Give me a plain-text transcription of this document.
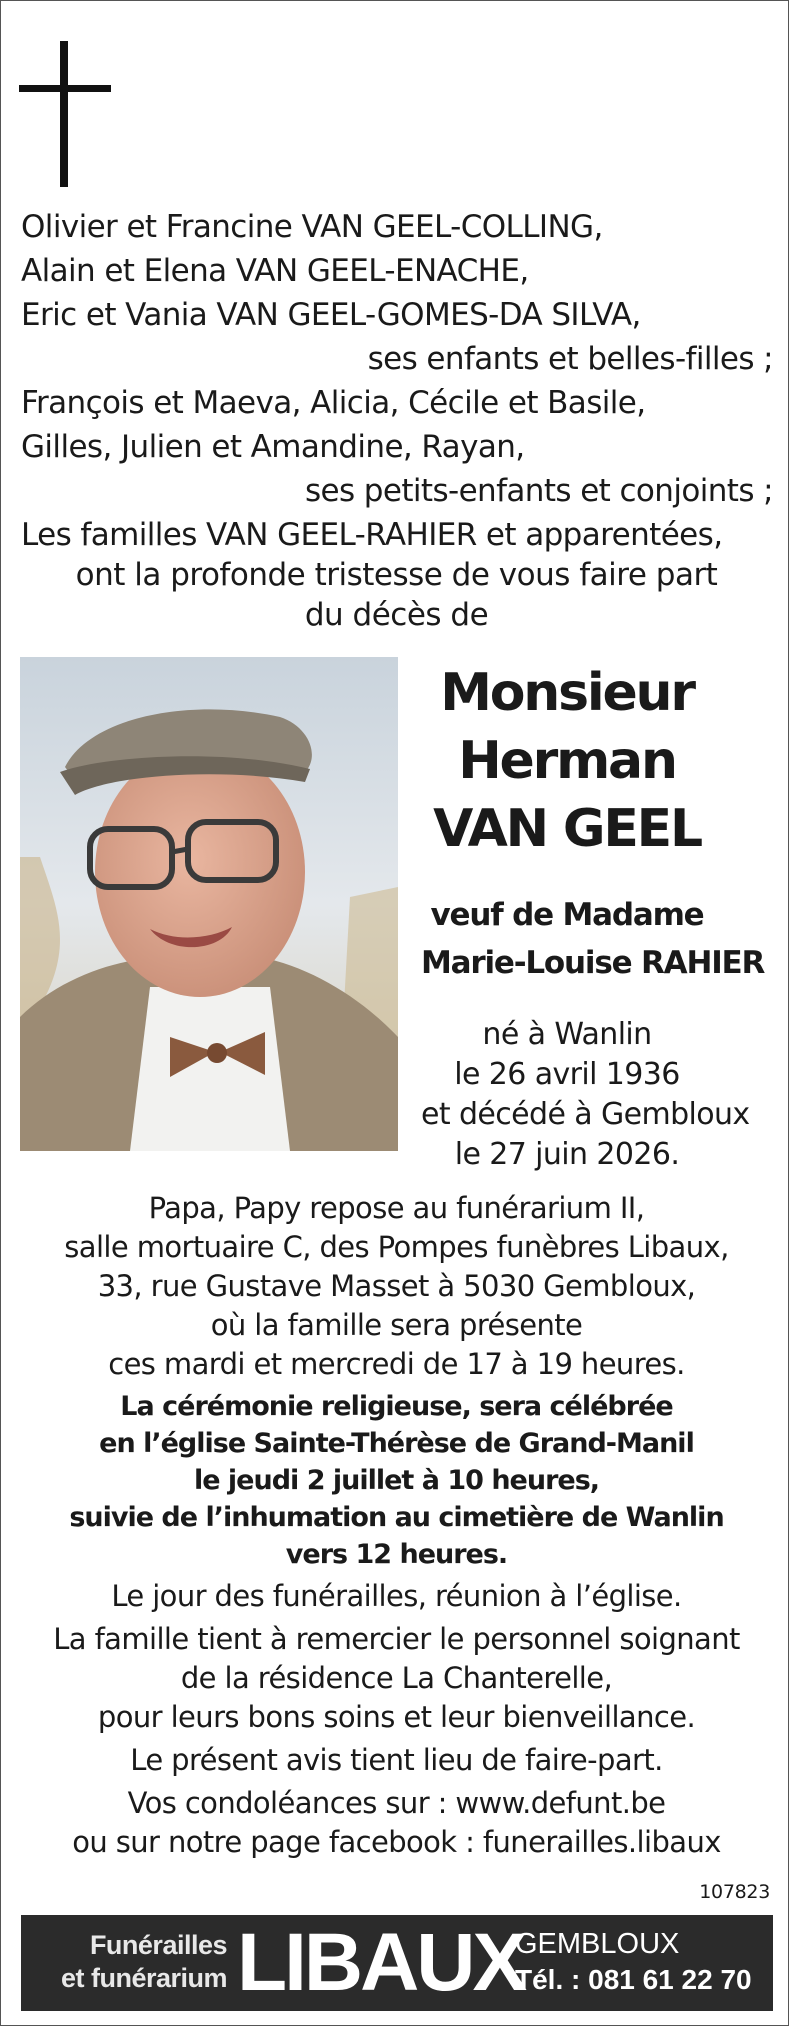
Olivier et Francine VAN GEEL-COLLING,
Alain et Elena VAN GEEL-ENACHE,
Eric et Vania VAN GEEL-GOMES-DA SILVA,
ses enfants et belles-filles ;
François et Maeva, Alicia, Cécile et Basile,
Gilles, Julien et Amandine, Rayan,
ses petits-enfants et conjoints ;
Les familles VAN GEEL-RAHIER et apparentées,
ont la profonde tristesse de vous faire part
du décès de
Monsieur
Herman
VAN GEEL
veuf de Madame
Marie-Louise RAHIER
né à Wanlin
le 26 avril 1936
et décédé à Gembloux
le 27 juin 2026.
Papa, Papy repose au funérarium II,
salle mortuaire C, des Pompes funèbres Libaux,
33, rue Gustave Masset à 5030 Gembloux,
où la famille sera présente
ces mardi et mercredi de 17 à 19 heures.
La cérémonie religieuse, sera célébrée
en l’église Sainte-Thérèse de Grand-Manil
le jeudi 2 juillet à 10 heures,
suivie de l’inhumation au cimetière de Wanlin
vers 12 heures.
Le jour des funérailles, réunion à l’église.
La famille tient à remercier le personnel soignant
de la résidence La Chanterelle,
pour leurs bons soins et leur bienveillance.
Le présent avis tient lieu de faire-part.
Vos condoléances sur : www.defunt.be
ou sur notre page facebook : funerailles.libaux
107823
Funérailles
et funérarium LIBAUX
GEMBLOUX
Tél. : 081 61 22 70
